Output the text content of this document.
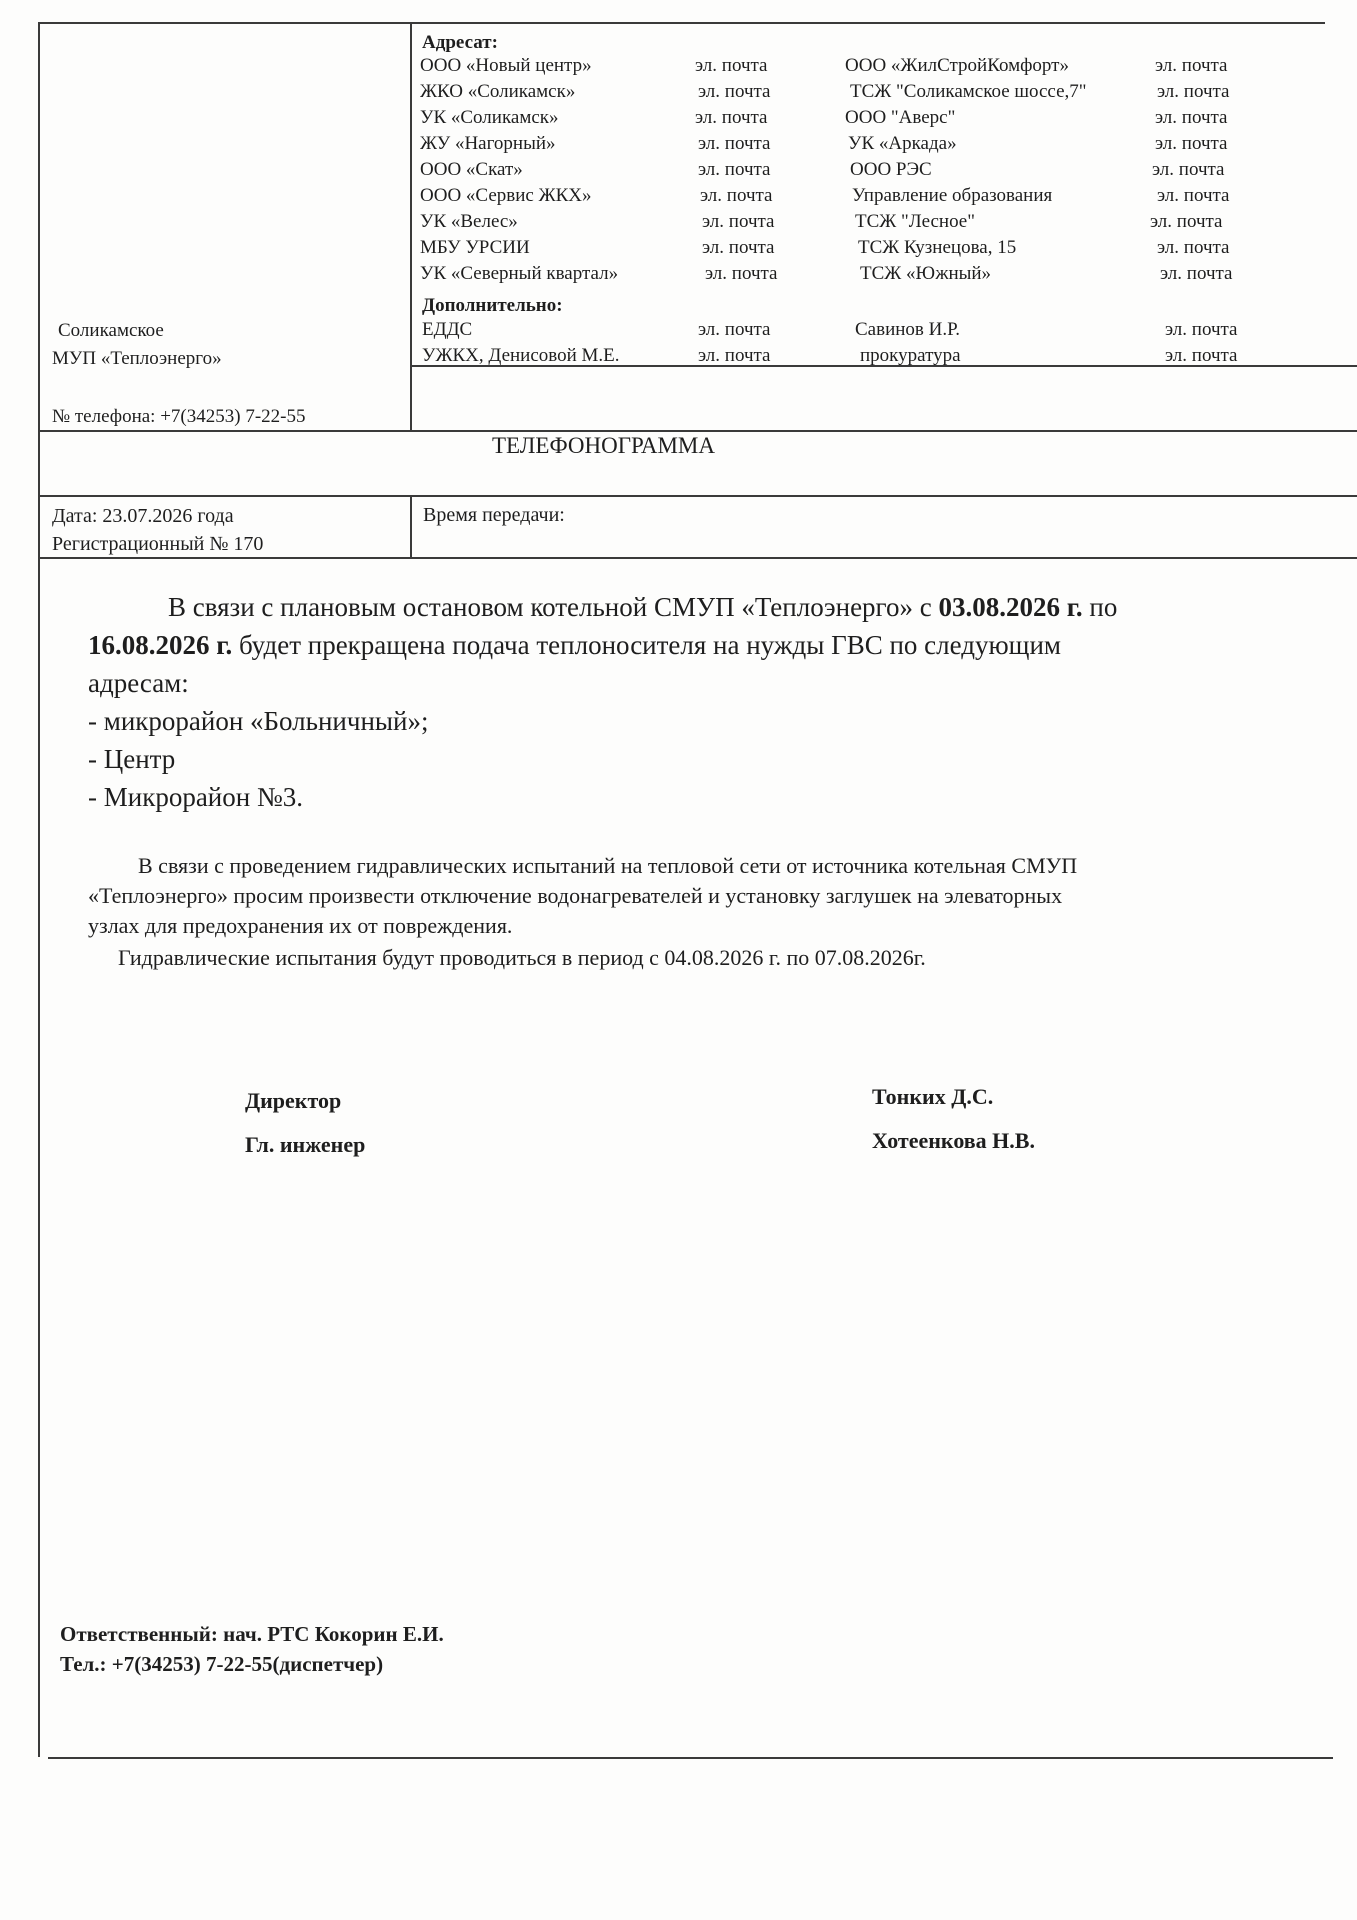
Соликамское
МУП «Теплоэнерго»
№ телефона: +7(34253) 7-22-55
Адресат:
ООО «Новый центр»	эл. почта	ООО «ЖилСтройКомфорт»	эл. почта
ЖКО «Соликамск»	эл. почта	ТСЖ "Соликамское шоссе,7"	эл. почта
УК «Соликамск»	эл. почта	ООО "Аверс"	эл. почта
ЖУ «Нагорный»	эл. почта	УК «Аркада»	эл. почта
ООО «Скат»	эл. почта	ООО РЭС	эл. почта
ООО «Сервис ЖКХ»	эл. почта	Управление образования	эл. почта
УК «Велес»	эл. почта	ТСЖ "Лесное"	эл. почта
МБУ УРСИИ	эл. почта	ТСЖ Кузнецова, 15	эл. почта
УК «Северный квартал»	эл. почта	ТСЖ «Южный»	эл. почта
Дополнительно:
ЕДДС	эл. почта	Савинов И.Р.	эл. почта
УЖКХ, Денисовой М.Е.	эл. почта	прокуратура	эл. почта
ТЕЛЕФОНОГРАММА
Дата: 23.07.2026 года
Регистрационный № 170
Время передачи:
В связи с плановым остановом котельной СМУП «Теплоэнерго» с 03.08.2026 г. по
16.08.2026 г. будет прекращена подача теплоносителя на нужды ГВС по следующим
адресам:
- микрорайон «Больничный»;
- Центр
- Микрорайон №3.
В связи с проведением гидравлических испытаний на тепловой сети от источника котельная СМУП
«Теплоэнерго» просим произвести отключение водонагревателей и установку заглушек на элеваторных
узлах для предохранения их от повреждения.
Гидравлические испытания будут проводиться в период с 04.08.2026 г. по 07.08.2026г.
Директор	Тонких Д.С.
Гл. инженер	Хотеенкова Н.В.
Ответственный: нач. РТС Кокорин Е.И.
Тел.: +7(34253) 7-22-55(диспетчер)
